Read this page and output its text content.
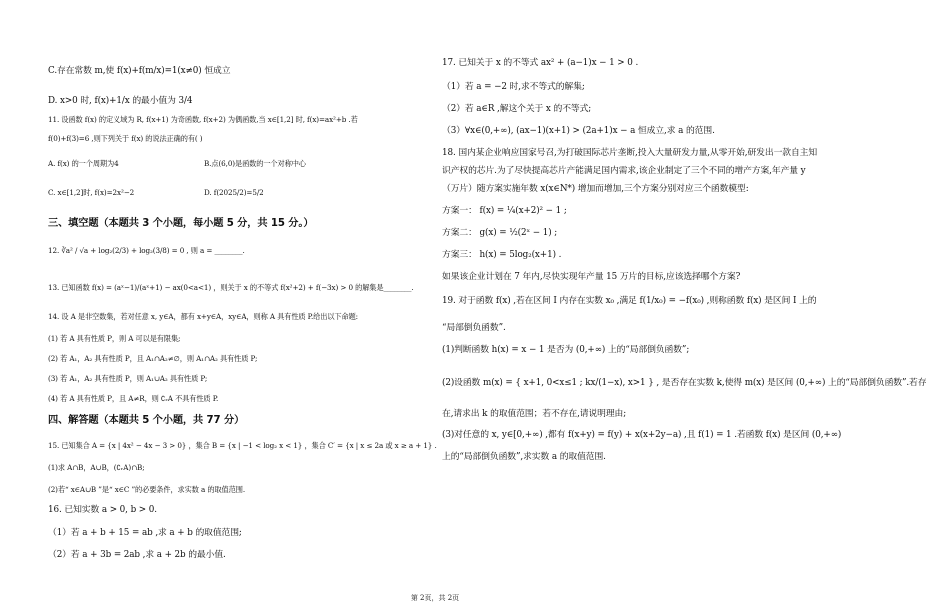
C.存在常数 m,使 f(x)+f(m/x)=1(x≠0) 恒成立
D. x>0 时, f(x)+1/x 的最小值为 3/4
11. 设函数 f(x) 的定义域为 R, f(x+1) 为奇函数, f(x+2) 为偶函数,当 x∈[1,2] 时, f(x)=ax²+b .若
f(0)+f(3)=6 ,则下列关于 f(x) 的说法正确的有( )
A. f(x) 的一个周期为4	B.点(6,0)是函数的一个对称中心
C. x∈[1,2]时, f(x)=2x²−2	D. f(2025/2)=5/2
三、填空题（本题共 3 个小题，每小题 5 分，共 15 分。）
12. ∛a² / √a + log₂(2/3) + log₂(3/8) = 0 , 则 a = ________.
13. 已知函数 f(x) = (aˣ−1)/(aˣ+1) − ax(0<a<1) ，则关于 x 的不等式 f(x²+2) + f(−3x) > 0 的解集是________.
14. 设 A 是非空数集，若对任意 x, y∈A，都有 x+y∈A，xy∈A，则称 A 具有性质 P.给出以下命题:
(1) 若 A 具有性质 P，则 A 可以是有限集;
(2) 若 A₁，A₂ 具有性质 P，且 A₁∩A₂≠∅，则 A₁∩A₂ 具有性质 P;
(3) 若 A₁，A₂ 具有性质 P，则 A₁∪A₂ 具有性质 P;
(4) 若 A 具有性质 P，且 A≠R，则 ∁ᵣA 不具有性质 P.
四、解答题（本题共 5 个小题，共 77 分）
15. 已知集合 A = {x | 4x² − 4x − 3 > 0} ，集合 B = {x | −1 < log₂ x < 1} ，集合 C′ = {x | x ≤ 2a 或 x ≥ a + 1} .
(1)求 A∩B，A∪B，(∁ᵣA)∩B;
(2)若“ x∈A∪B ”是“ x∈C ”的必要条件，求实数 a 的取值范围.
16. 已知实数 a > 0, b > 0.
（1）若 a + b + 15 = ab ,求 a + b 的取值范围;
（2）若 a + 3b = 2ab ,求 a + 2b 的最小值.
17. 已知关于 x 的不等式 ax² + (a−1)x − 1 > 0 .
（1）若 a = −2 时,求不等式的解集;
（2）若 a∈R ,解这个关于 x 的不等式;
（3）∀x∈(0,+∞), (ax−1)(x+1) > (2a+1)x − a 恒成立,求 a 的范围.
18. 国内某企业响应国家号召,为打破国际芯片垄断,投入大量研发力量,从零开始,研发出一款自主知
识产权的芯片.为了尽快提高芯片产能满足国内需求,该企业制定了三个不同的增产方案,年产量 y
（万片）随方案实施年数 x(x∈N*) 增加而增加,三个方案分别对应三个函数模型:
方案一： f(x) = ¼(x+2)² − 1 ;
方案二： g(x) = ½(2ˣ − 1) ;
方案三： h(x) = 5log₂(x+1) .
如果该企业计划在 7 年内,尽快实现年产量 15 万片的目标,应该选择哪个方案?
19. 对于函数 f(x) ,若在区间 I 内存在实数 x₀ ,满足 f(1/x₀) = −f(x₀) ,则称函数 f(x) 是区间 I 上的
“局部倒负函数”.
(1)判断函数 h(x) = x − 1 是否为 (0,+∞) 上的“局部倒负函数”;
(2)设函数 m(x) = { x+1, 0<x≤1 ; kx/(1−x), x>1 } , 是否存在实数 k,使得 m(x) 是区间 (0,+∞) 上的“局部倒负函数”.若存
在,请求出 k 的取值范围；若不存在,请说明理由;
(3)对任意的 x, y∈[0,+∞) ,都有 f(x+y) = f(y) + x(x+2y−a) ,且 f(1) = 1 .若函数 f(x) 是区间 (0,+∞)
上的“局部倒负函数”,求实数 a 的取值范围.
第 2页，共 2页
